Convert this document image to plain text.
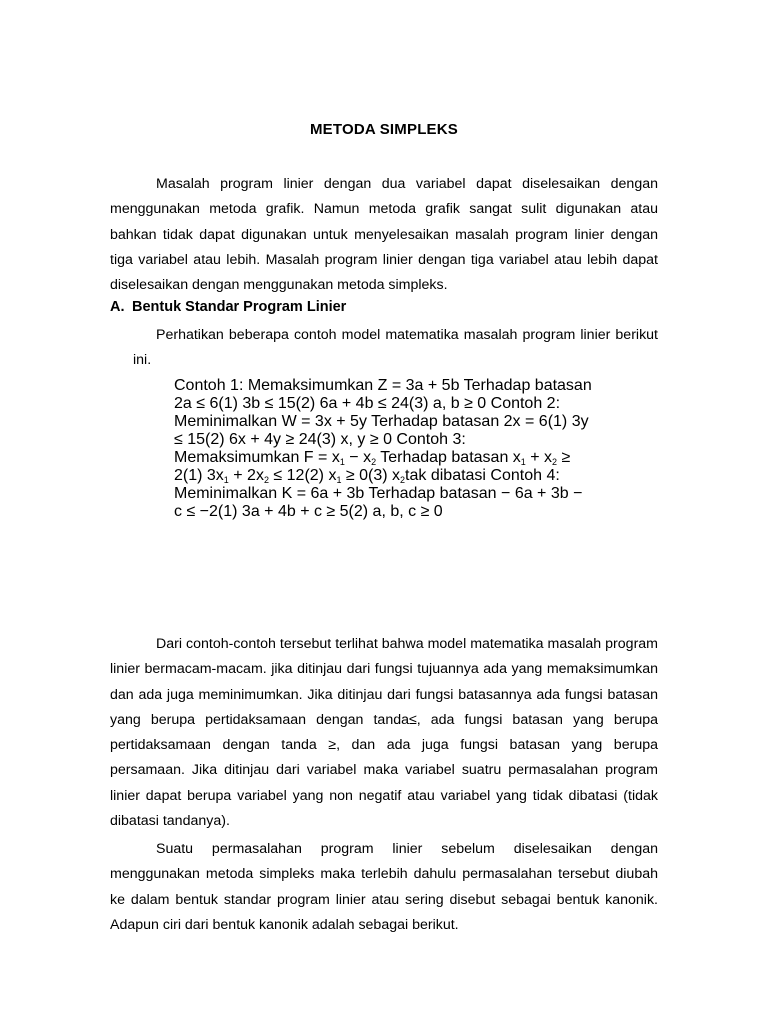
METODA SIMPLEKS

Masalah program linier dengan dua variabel dapat diselesaikan dengan menggunakan metoda grafik. Namun metoda grafik sangat sulit digunakan atau bahkan tidak dapat digunakan untuk menyelesaikan masalah program linier dengan tiga variabel atau lebih. Masalah program linier dengan tiga variabel atau lebih dapat diselesaikan dengan menggunakan metoda simpleks.

A. Bentuk Standar Program Linier

Perhatikan beberapa contoh model matematika masalah program linier berikut ini.

Contoh 1: Memaksimumkan Z = 3a + 5b Terhadap batasan 2a ≤ 6(1) 3b ≤ 15(2) 6a + 4b ≤ 24(3) a, b ≥ 0 Contoh 2: Meminimalkan W = 3x + 5y Terhadap batasan 2x = 6(1) 3y ≤ 15(2) 6x + 4y ≥ 24(3) x, y ≥ 0 Contoh 3: Memaksimumkan $F = x_1 - x_2$ Terhadap batasan $x_1 + x_2 \ge 2(1) 3x_1 + 2x_2 \le 12(2) x_1 \ge 0(3)$ $x_2tak$ dibatasi Contoh 4: Meminimalkan K = 6a + 3b Terhadap batasan − 6a + 3b − c ≤ −2(1) 3a + 4b + c ≥ 5(2) a, b, c ≥ 0

Dari contoh-contoh tersebut terlihat bahwa model matematika masalah program linier bermacam-macam. jika ditinjau dari fungsi tujuannya ada yang memaksimumkan dan ada juga meminimumkan. Jika ditinjau dari fungsi batasannya ada fungsi batasan yang berupa pertidaksamaan dengan tanda≤, ada fungsi batasan yang berupa pertidaksamaan dengan tanda ≥, dan ada juga fungsi batasan yang berupa persamaan. Jika ditinjau dari variabel maka variabel suatru permasalahan program linier dapat berupa variabel yang non negatif atau variabel yang tidak dibatasi (tidak dibatasi tandanya).

Suatu permasalahan program linier sebelum diselesaikan dengan menggunakan metoda simpleks maka terlebih dahulu permasalahan tersebut diubah ke dalam bentuk standar program linier atau sering disebut sebagai bentuk kanonik. Adapun ciri dari bentuk kanonik adalah sebagai berikut.
